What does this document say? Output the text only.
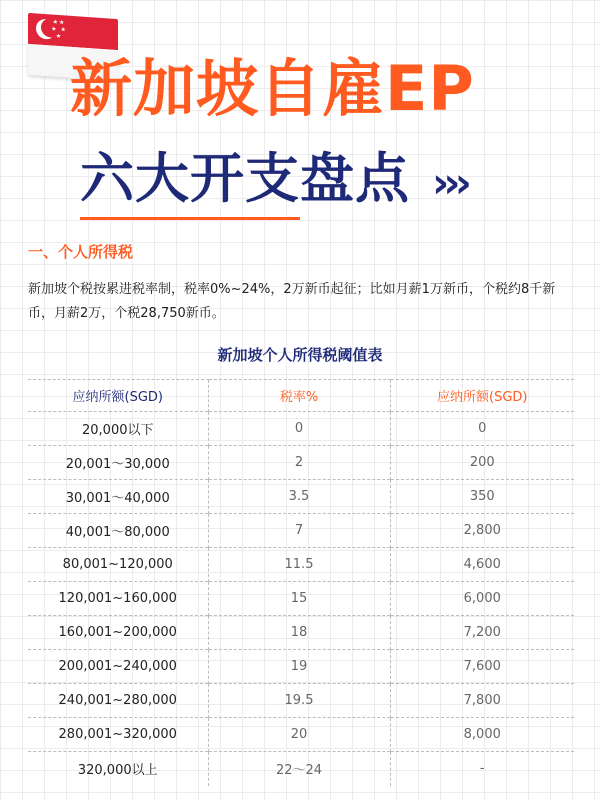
★★
★ ★
★
新加坡自雇EP
六大开支盘点 ›››
一、个人所得税
新加坡个税按累进税率制，税率0%~24%，2万新币起征；比如月薪1万新币，个税约8千新币，月薪2万，个税28,750新币。
新加坡个人所得税阈值表
应纳所额(SGD)	税率%	应纳所额(SGD)
20,000以下	0	0
20,001～30,000	2	200
30,001～40,000	3.5	350
40,001～80,000	7	2,800
80,001~120,000	11.5	4,600
120,001~160,000	15	6,000
160,001~200,000	18	7,200
200,001~240,000	19	7,600
240,001~280,000	19.5	7,800
280,001~320,000	20	8,000
320,000以上	22～24	-
